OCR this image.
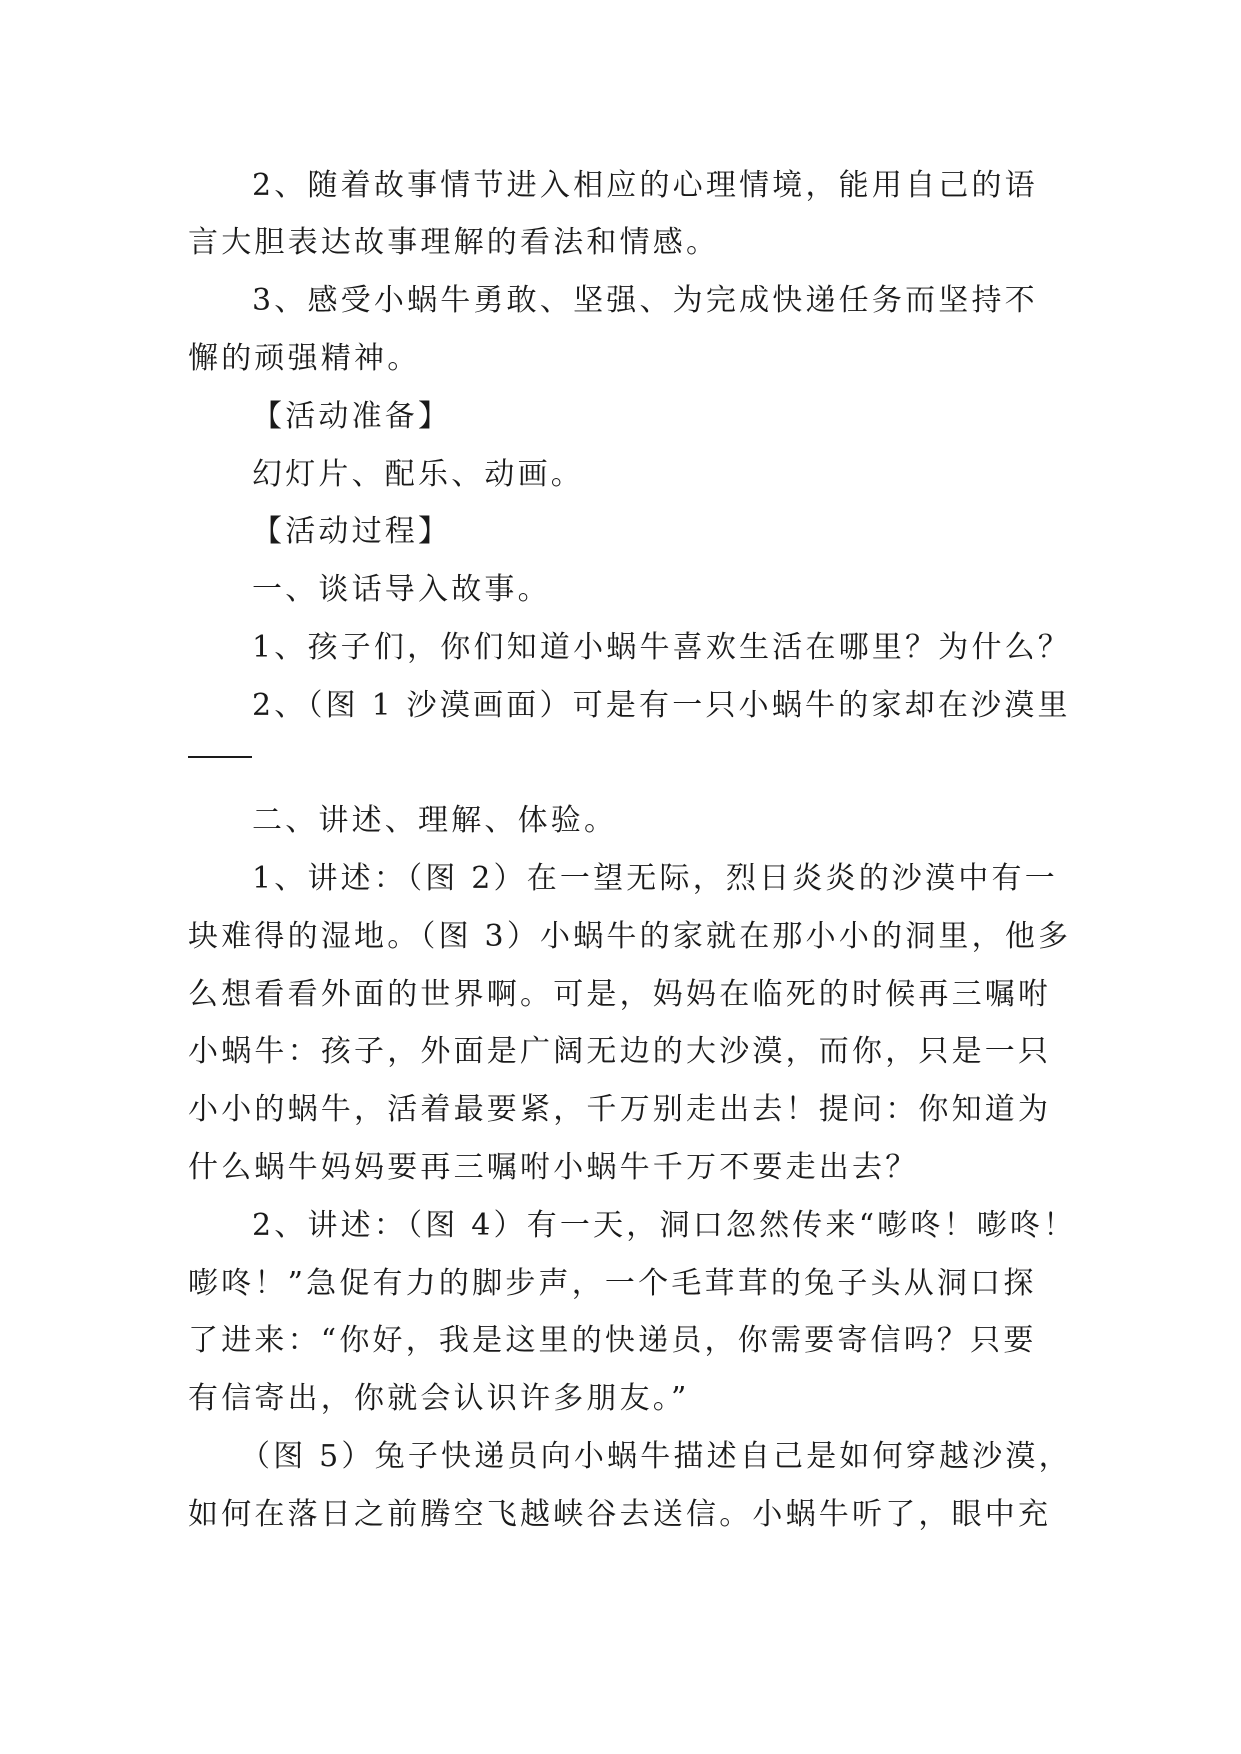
2、随着故事情节进入相应的心理情境，能用自己的语
言大胆表达故事理解的看法和情感。
3、感受小蜗牛勇敢、坚强、为完成快递任务而坚持不
懈的顽强精神。
【活动准备】
幻灯片、配乐、动画。
【活动过程】
一、谈话导入故事。
1、孩子们，你们知道小蜗牛喜欢生活在哪里？为什么？
2、（图 1 沙漠画面）可是有一只小蜗牛的家却在沙漠里
二、讲述、理解、体验。
1、讲述：（图 2）在一望无际，烈日炎炎的沙漠中有一
块难得的湿地。（图 3）小蜗牛的家就在那小小的洞里，他多
么想看看外面的世界啊。可是，妈妈在临死的时候再三嘱咐
小蜗牛：孩子，外面是广阔无边的大沙漠，而你，只是一只
小小的蜗牛，活着最要紧，千万别走出去！提问：你知道为
什么蜗牛妈妈要再三嘱咐小蜗牛千万不要走出去？
2、讲述：（图 4）有一天，洞口忽然传来“嘭咚！嘭咚！
嘭咚！”急促有力的脚步声，一个毛茸茸的兔子头从洞口探
了进来：“你好，我是这里的快递员，你需要寄信吗？只要
有信寄出，你就会认识许多朋友。”
（图 5）兔子快递员向小蜗牛描述自己是如何穿越沙漠，
如何在落日之前腾空飞越峡谷去送信。小蜗牛听了，眼中充
